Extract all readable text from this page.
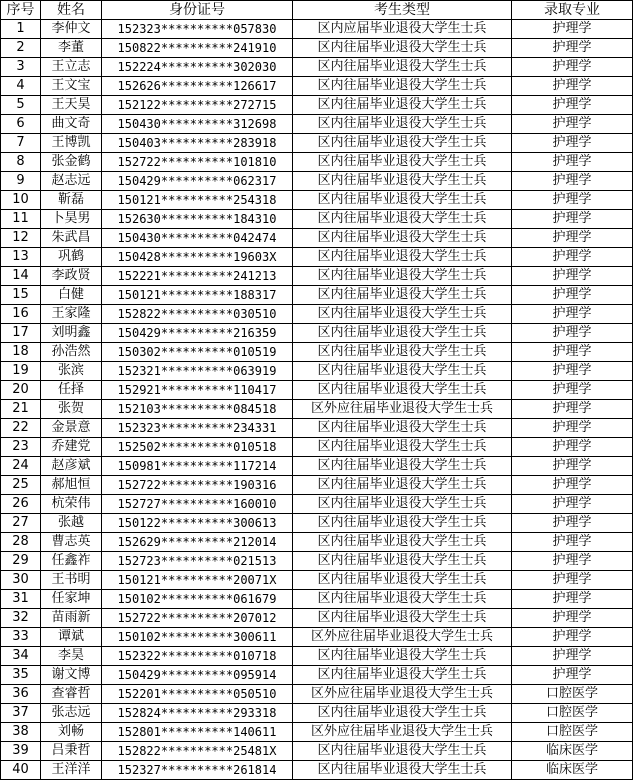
序号	姓名	身份证号	考生类型	录取专业
1	李仲文	152323**********057830	区内应届毕业退役大学生士兵	护理学
2	李董	150822**********241910	区内往届毕业退役大学生士兵	护理学
3	王立志	152224**********302030	区内往届毕业退役大学生士兵	护理学
4	王文宝	152626**********126617	区内往届毕业退役大学生士兵	护理学
5	王天昊	152122**********272715	区内往届毕业退役大学生士兵	护理学
6	曲文奇	150430**********312698	区内往届毕业退役大学生士兵	护理学
7	王博凯	150403**********283918	区内往届毕业退役大学生士兵	护理学
8	张金鹤	152722**********101810	区内往届毕业退役大学生士兵	护理学
9	赵志远	150429**********062317	区内往届毕业退役大学生士兵	护理学
10	靳磊	150121**********254318	区内往届毕业退役大学生士兵	护理学
11	卜昊男	152630**********184310	区内往届毕业退役大学生士兵	护理学
12	朱武昌	150430**********042474	区内往届毕业退役大学生士兵	护理学
13	巩鹤	150428**********19603X	区内往届毕业退役大学生士兵	护理学
14	李政贤	152221**********241213	区内往届毕业退役大学生士兵	护理学
15	白健	150121**********188317	区内往届毕业退役大学生士兵	护理学
16	王家隆	152822**********030510	区内往届毕业退役大学生士兵	护理学
17	刘明鑫	150429**********216359	区内往届毕业退役大学生士兵	护理学
18	孙浩然	150302**********010519	区内往届毕业退役大学生士兵	护理学
19	张滨	152321**********063919	区内往届毕业退役大学生士兵	护理学
20	任择	152921**********110417	区内往届毕业退役大学生士兵	护理学
21	张贺	152103**********084518	区外应往届毕业退役大学生士兵	护理学
22	金景意	152323**********234331	区内往届毕业退役大学生士兵	护理学
23	乔建党	152502**********010518	区内往届毕业退役大学生士兵	护理学
24	赵彦斌	150981**********117214	区内往届毕业退役大学生士兵	护理学
25	郝旭恒	152722**********190316	区内往届毕业退役大学生士兵	护理学
26	杭荣伟	152727**********160010	区内往届毕业退役大学生士兵	护理学
27	张越	150122**********300613	区内往届毕业退役大学生士兵	护理学
28	曹志英	152629**********212014	区内往届毕业退役大学生士兵	护理学
29	任鑫祚	152723**********021513	区内往届毕业退役大学生士兵	护理学
30	王书明	150121**********20071X	区内往届毕业退役大学生士兵	护理学
31	任家坤	150102**********061679	区内往届毕业退役大学生士兵	护理学
32	苗雨新	152722**********207012	区内往届毕业退役大学生士兵	护理学
33	谭斌	150102**********300611	区外应往届毕业退役大学生士兵	护理学
34	李昊	152322**********010718	区内往届毕业退役大学生士兵	护理学
35	谢文博	150429**********095914	区内往届毕业退役大学生士兵	护理学
36	查睿哲	152201**********050510	区外应往届毕业退役大学生士兵	口腔医学
37	张志远	152824**********293318	区内往届毕业退役大学生士兵	口腔医学
38	刘畅	152801**********140611	区外应往届毕业退役大学生士兵	口腔医学
39	吕秉哲	152822**********25481X	区内往届毕业退役大学生士兵	临床医学
40	王洋洋	152327**********261814	区内往届毕业退役大学生士兵	临床医学
